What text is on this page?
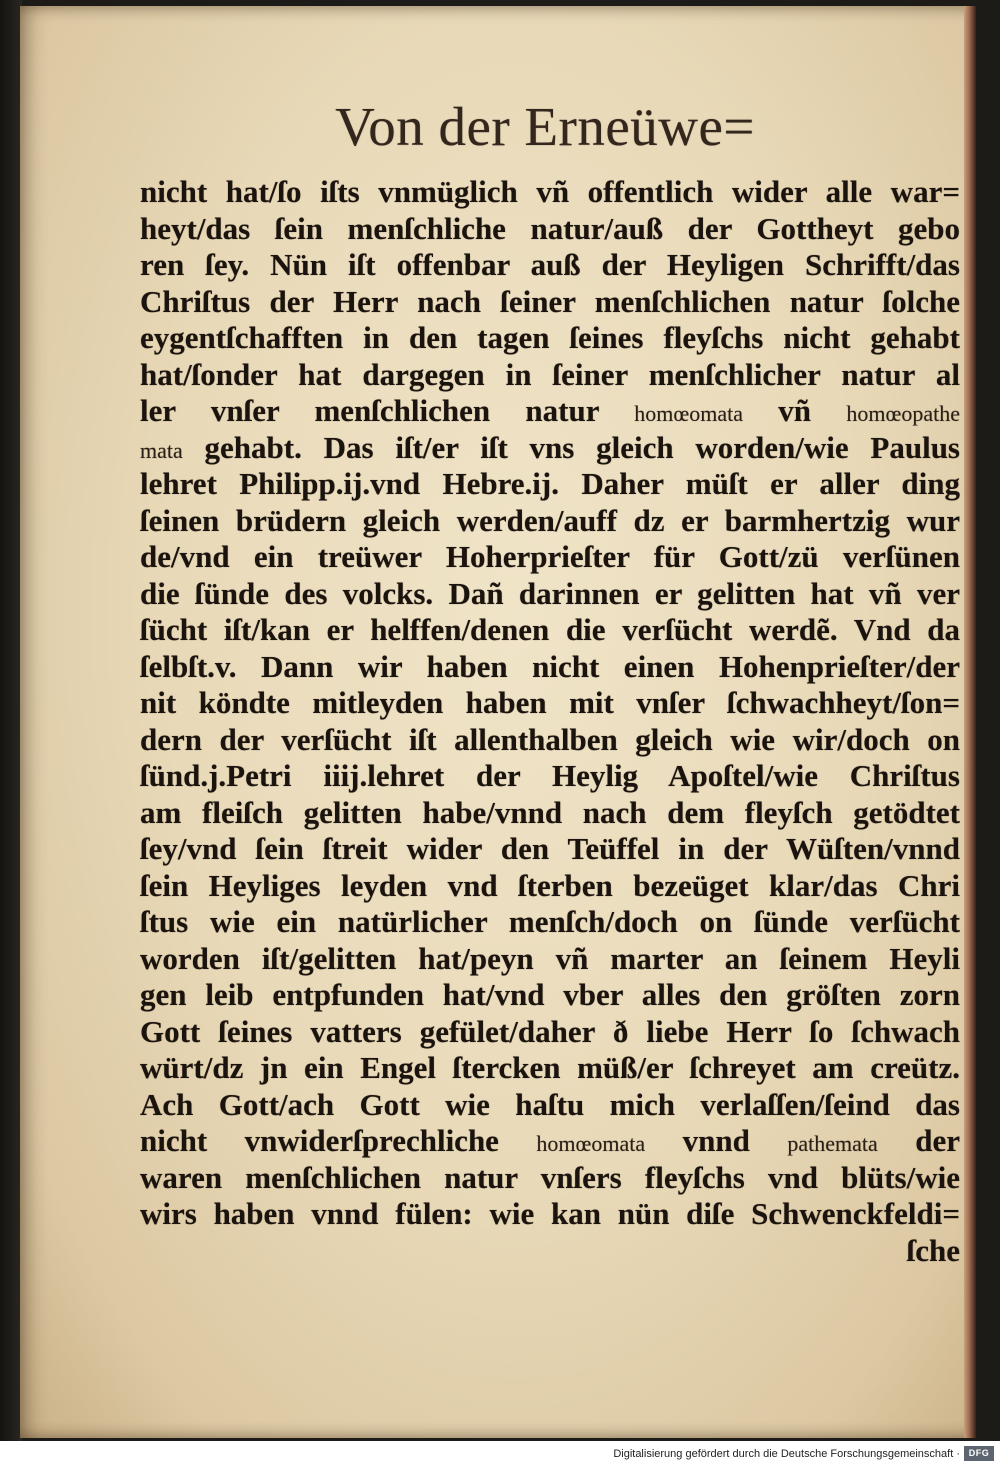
Von der Erneüwe=
nicht hat/ſo iſts vnmüglich vñ offentlich wider alle war=
heyt/das ſein menſchliche natur/auß der Gottheyt gebo
ren ſey. Nün iſt offenbar auß der Heyligen Schrifft/das
Chriſtus der Herr nach ſeiner menſchlichen natur ſolche
eygentſchafften in den tagen ſeines fleyſchs nicht gehabt
hat/ſonder hat dargegen in ſeiner menſchlicher natur al
ler vnſer menſchlichen natur homœomata vñ homœopathe
mata gehabt. Das iſt/er iſt vns gleich worden/wie Paulus
lehret Philipp.ij.vnd Hebre.ij. Daher müſt er aller ding
ſeinen brüdern gleich werden/auff dz er barmhertzig wur
de/vnd ein treüwer Hoherprieſter für Gott/zü verſünen
die ſünde des volcks. Dañ darinnen er gelitten hat vñ ver
ſücht iſt/kan er helffen/denen die verſücht werdẽ. Vnd da
ſelbſt.v. Dann wir haben nicht einen Hohenprieſter/der
nit köndte mitleyden haben mit vnſer ſchwachheyt/ſon=
dern der verſücht iſt allenthalben gleich wie wir/doch on
ſünd.j.Petri iiij.lehret der Heylig Apoſtel/wie Chriſtus
am fleiſch gelitten habe/vnnd nach dem fleyſch getödtet
ſey/vnd ſein ſtreit wider den Teüffel in der Wüſten/vnnd
ſein Heyliges leyden vnd ſterben bezeüget klar/das Chri
ſtus wie ein natürlicher menſch/doch on ſünde verſücht
worden iſt/gelitten hat/peyn vñ marter an ſeinem Heyli
gen leib entpfunden hat/vnd vber alles den gröſten zorn
Gott ſeines vatters gefület/daher ð liebe Herr ſo ſchwach
würt/dz jn ein Engel ſtercken müß/er ſchreyet am creütz.
Ach Gott/ach Gott wie haſtu mich verlaſſen/ſeind das
nicht vnwiderſprechliche homœomata vnnd pathemata der
waren menſchlichen natur vnſers fleyſchs vnd blüts/wie
wirs haben vnnd fülen: wie kan nün diſe Schwenckfeldi=
ſche
Digitalisierung gefördert durch die Deutsche Forschungsgemeinschaft · DFG
